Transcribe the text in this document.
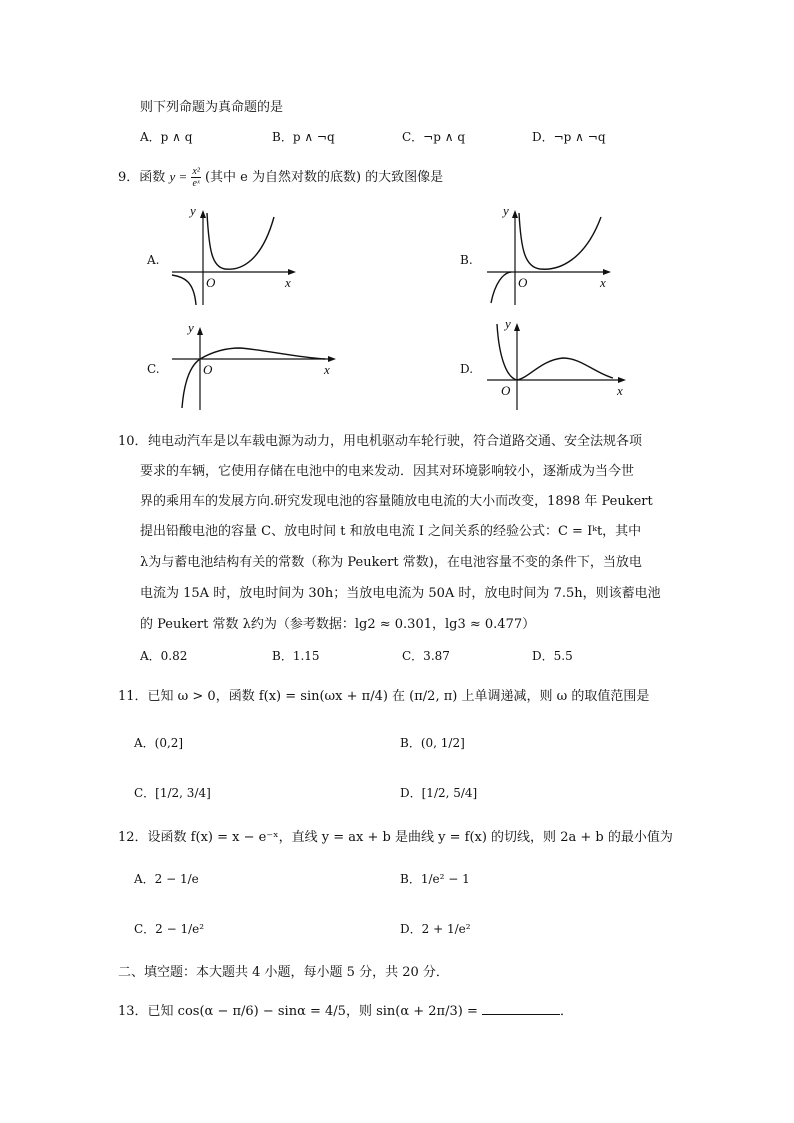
则下列命题为真命题的是
A．p ∧ q	B．p ∧ ¬q	C．¬p ∧ q	D．¬p ∧ ¬q
9．函数 $y = \frac{\text{x²}}{\text{eˣ}}$ (其中 e 为自然对数的底数) 的大致图像是
A.
y
x
O
B.
y
x
O
C.
y
x
O	D.
y
x
O
10． 纯电动汽车是以车载电源为动力，用电机驱动车轮行驶，符合道路交通、安全法规各项
要求的车辆，它使用存储在电池中的电来发动．因其对环境影响较小，逐渐成为当今世
界的乘用车的发展方向.研究发现电池的容量随放电电流的大小而改变，1898 年 Peukert
提出铅酸电池的容量 C、放电时间 t 和放电电流 I 之间关系的经验公式：C = Iᵏt，其中
λ为与蓄电池结构有关的常数（称为 Peukert 常数)，在电池容量不变的条件下，当放电
电流为 15A 时，放电时间为 30h；当放电电流为 50A 时，放电时间为 7.5h，则该蓄电池
的 Peukert 常数 λ约为（参考数据：lg2 ≈ 0.301，lg3 ≈ 0.477）
A．0.82	B．1.15	C．3.87	D．5.5
11．已知 ω > 0，函数 f(x) = sin(ωx + π/4) 在 (π/2, π) 上单调递减，则 ω 的取值范围是
A．(0,2]	B．(0, 1/2]
C．[1/2, 3/4]	D．[1/2, 5/4]
12．设函数 f(x) = x − e⁻ˣ，直线 y = ax + b 是曲线 y = f(x) 的切线，则 2a + b 的最小值为
A．2 − 1/e	B．1/e² − 1
C．2 − 1/e²	D．2 + 1/e²
二、填空题：本大题共 4 小题，每小题 5 分，共 20 分．
13．已知 cos(α − π/6) − sinα = 4/5，则 sin(α + 2π/3) =	．
